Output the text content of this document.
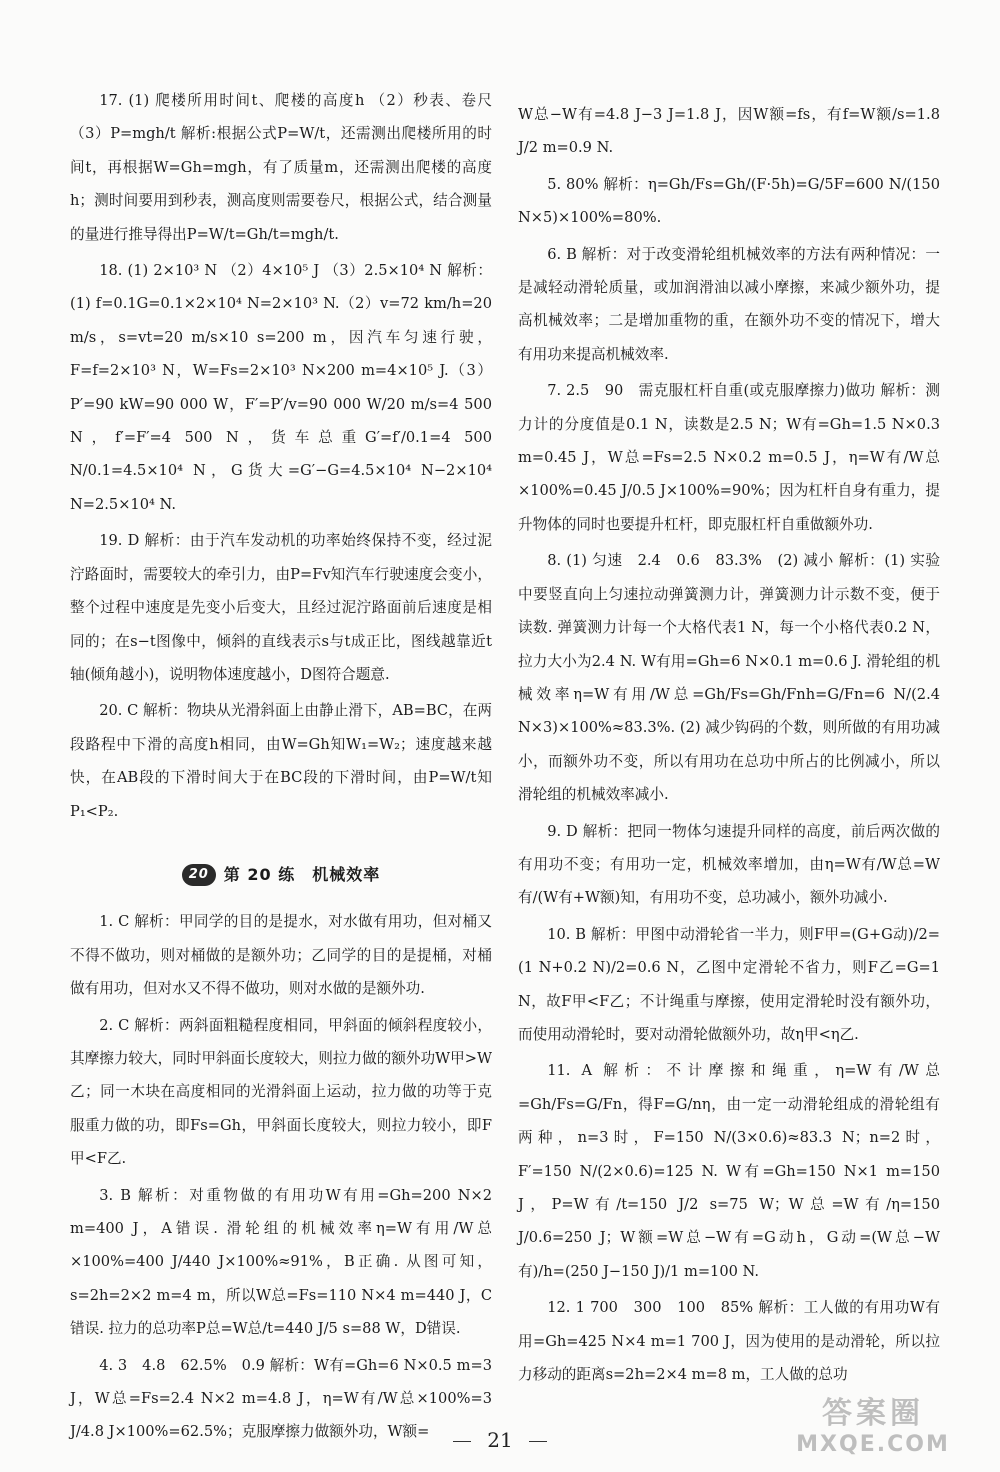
17. (1) 爬楼所用时间t、爬楼的高度h （2）秒表、卷尺 （3）P=mgh/t 解析:根据公式P=W/t，还需测出爬楼所用的时间t，再根据W=Gh=mgh，有了质量m，还需测出爬楼的高度h；测时间要用到秒表，测高度则需要卷尺，根据公式，结合测量的量进行推导得出P=W/t=Gh/t=mgh/t.

18. (1) 2×10³ N （2）4×10⁵ J （3）2.5×10⁴ N 解析：(1) f=0.1G=0.1×2×10⁴ N=2×10³ N.（2）v=72 km/h=20 m/s，s=vt=20 m/s×10 s=200 m，因汽车匀速行驶，F=f=2×10³ N，W=Fs=2×10³ N×200 m=4×10⁵ J.（3）P′=90 kW=90 000 W，F′=P′/v=90 000 W/20 m/s=4 500 N，f′=F′=4 500 N，货车总重G′=f′/0.1=4 500 N/0.1=4.5×10⁴ N，G货大=G′−G=4.5×10⁴ N−2×10⁴ N=2.5×10⁴ N.

19. D 解析：由于汽车发动机的功率始终保持不变，经过泥泞路面时，需要较大的牵引力，由P=Fv知汽车行驶速度会变小，整个过程中速度是先变小后变大，且经过泥泞路面前后速度是相同的；在s−t图像中，倾斜的直线表示s与t成正比，图线越靠近t轴(倾角越小)，说明物体速度越小，D图符合题意.

20. C 解析：物块从光滑斜面上由静止滑下，AB=BC，在两段路程中下滑的高度h相同，由W=Gh知W₁=W₂；速度越来越快，在AB段的下滑时间大于在BC段的下滑时间，由P=W/t知P₁<P₂.

20 第 20 练　机械效率

1. C 解析：甲同学的目的是提水，对水做有用功，但对桶又不得不做功，则对桶做的是额外功；乙同学的目的是提桶，对桶做有用功，但对水又不得不做功，则对水做的是额外功.

2. C 解析：两斜面粗糙程度相同，甲斜面的倾斜程度较小，其摩擦力较大，同时甲斜面长度较大，则拉力做的额外功W甲>W乙；同一木块在高度相同的光滑斜面上运动，拉力做的功等于克服重力做的功，即Fs=Gh，甲斜面长度较大，则拉力较小，即F甲<F乙.

3. B 解析：对重物做的有用功W有用=Gh=200 N×2 m=400 J，A错误. 滑轮组的机械效率η=W有用/W总×100%=400 J/440 J×100%≈91%，B正确. 从图可知，s=2h=2×2 m=4 m，所以W总=Fs=110 N×4 m=440 J，C错误. 拉力的总功率P总=W总/t=440 J/5 s=88 W，D错误.

4. 3　4.8　62.5%　0.9 解析：W有=Gh=6 N×0.5 m=3 J，W总=Fs=2.4 N×2 m=4.8 J，η=W有/W总×100%=3 J/4.8 J×100%=62.5%；克服摩擦力做额外功，W额=

W总−W有=4.8 J−3 J=1.8 J，因W额=fs，有f=W额/s=1.8 J/2 m=0.9 N.

5. 80% 解析：η=Gh/Fs=Gh/(F·5h)=G/5F=600 N/(150 N×5)×100%=80%.

6. B 解析：对于改变滑轮组机械效率的方法有两种情况：一是减轻动滑轮质量，或加润滑油以减小摩擦，来减少额外功，提高机械效率；二是增加重物的重，在额外功不变的情况下，增大有用功来提高机械效率.

7. 2.5　90　需克服杠杆自重(或克服摩擦力)做功 解析：测力计的分度值是0.1 N，读数是2.5 N；W有=Gh=1.5 N×0.3 m=0.45 J，W总=Fs=2.5 N×0.2 m=0.5 J，η=W有/W总×100%=0.45 J/0.5 J×100%=90%；因为杠杆自身有重力，提升物体的同时也要提升杠杆，即克服杠杆自重做额外功.

8. (1) 匀速　2.4　0.6　83.3%　(2) 减小 解析：(1) 实验中要竖直向上匀速拉动弹簧测力计，弹簧测力计示数不变，便于读数. 弹簧测力计每一个大格代表1 N，每一个小格代表0.2 N，拉力大小为2.4 N. W有用=Gh=6 N×0.1 m=0.6 J. 滑轮组的机械效率η=W有用/W总=Gh/Fs=Gh/Fnh=G/Fn=6 N/(2.4 N×3)×100%≈83.3%. (2) 减少钩码的个数，则所做的有用功减小，而额外功不变，所以有用功在总功中所占的比例减小，所以滑轮组的机械效率减小.

9. D 解析：把同一物体匀速提升同样的高度，前后两次做的有用功不变；有用功一定，机械效率增加，由η=W有/W总=W有/(W有+W额)知，有用功不变，总功减小，额外功减小.

10. B 解析：甲图中动滑轮省一半力，则F甲=(G+G动)/2=(1 N+0.2 N)/2=0.6 N，乙图中定滑轮不省力，则F乙=G=1 N，故F甲<F乙；不计绳重与摩擦，使用定滑轮时没有额外功，而使用动滑轮时，要对动滑轮做额外功，故η甲<η乙.

11. A 解析：不计摩擦和绳重，η=W有/W总=Gh/Fs=G/Fn，得F=G/nη，由一定一动滑轮组成的滑轮组有两种，n=3时，F=150 N/(3×0.6)≈83.3 N；n=2时，F′=150 N/(2×0.6)=125 N. W有=Gh=150 N×1 m=150 J，P=W有/t=150 J/2 s=75 W；W总=W有/η=150 J/0.6=250 J；W额=W总−W有=G动h，G动=(W总−W有)/h=(250 J−150 J)/1 m=100 N.

12. 1 700　300　100　85% 解析：工人做的有用功W有用=Gh=425 N×4 m=1 700 J，因为使用的是动滑轮，所以拉力移动的距离s=2h=2×4 m=8 m，工人做的总功

21
答案圈
MXQE.COM
